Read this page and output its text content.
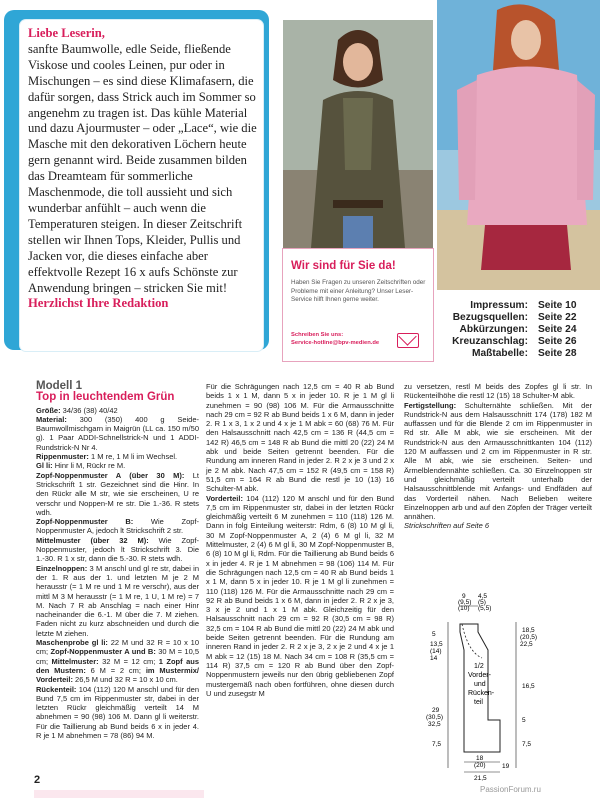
Liebe Leserin,

sanfte Baumwolle, edle Seide, fließende Viskose und cooles Leinen, pur oder in Mischungen – es sind diese Klimafasern, die dafür sorgen, dass Strick auch im Sommer so angenehm zu tragen ist. Das kühle Material und dazu Ajourmuster – oder „Lace“, wie die Masche mit den dekorativen Löchern heute gern genannt wird. Beide zusammen bilden das Dreamteam für sommerliche Maschenmode, die toll aussieht und sich wunderbar anfühlt – auch wenn die Temperaturen steigen. In dieser Zeitschrift stellen wir Ihnen Tops, Kleider, Pullis und Jacken vor, die dieses einfache aber effektvolle Rezept 16 x aufs Schönste zur Anwendung bringen – stricken Sie mit!

Herzlichst Ihre Redaktion

Wir sind für Sie da!
Haben Sie Fragen zu unseren Zeitschriften oder Probleme mit einer Anleitung? Unser Leser-Service hilft Ihnen gerne weiter.
Schreiben Sie uns:
Service-hotline@bpv-medien.de
Impressum: Seite 10
Bezugsquellen: Seite 22
Abkürzungen: Seite 24
Kreuzanschlag: Seite 26
Maßtabelle: Seite 28
Modell 1
Top in leuchtendem Grün

Größe: 34/36 (38) 40/42

Material: 300 (350) 400 g Seide-Baumwollmischgarn in Maigrün (LL ca. 150 m/50 g). 1 Paar ADDI-Schnellstrick-N und 1 ADDI-Rundstrick-N Nr 4.

Rippenmuster: 1 M re, 1 M li im Wechsel.

Gl li: Hinr li M, Rückr re M.

Zopf-Noppenmuster A (über 30 M): Lt Strickschrift 1 str. Gezeichnet sind die Hinr. In den Rückr alle M str, wie sie erscheinen, U re verschr und Noppen-M re str. Die 1.-36. R stets wdh.

Zopf-Noppenmuster B: Wie Zopf-Noppenmuster A, jedoch lt Strickschrift 2 str.

Mittelmuster (über 32 M): Wie Zopf-Noppenmuster, jedoch lt Strickschrift 3. Die 1.-30. R 1 x str, dann die 5.-30. R stets wdh.

Einzelnoppen: 3 M anschl und gl re str, dabei in der 1. R aus der 1. und letzten M je 2 M herausstr (= 1 M re und 1 M re verschr), aus der mittl M 3 M herausstr (= 1 M re, 1 U, 1 M re) = 7 M. Nach 7 R ab Anschlag = nach einer Hinr nacheinander die 6.-1. M über die 7. M ziehen. Faden nicht zu kurz abschneiden und durch die letzte M ziehen.

Maschenprobe gl li: 22 M und 32 R = 10 x 10 cm; Zopf-Noppenmuster A und B: 30 M = 10,5 cm; Mittelmuster: 32 M = 12 cm; 1 Zopf aus den Mustern: 6 M = 2 cm; im Mustermix/ Vorderteil: 26,5 M und 32 R = 10 x 10 cm.

Rückenteil: 104 (112) 120 M anschl und für den Bund 7,5 cm im Rippenmuster str, dabei in der letzten Rückr gleichmäßig verteilt 14 M abnehmen = 90 (98) 106 M. Dann gl li weiterstr. Für die Taillierung ab Bund beids 6 x in jeder 4. R je 1 M abnehmen = 78 (86) 94 M.

Für die Schrägungen nach 12,5 cm = 40 R ab Bund beids 1 x 1 M, dann 5 x in jeder 10. R je 1 M gl li zunehmen = 90 (98) 106 M. Für die Armausschnitte nach 29 cm = 92 R ab Bund beids 1 x 6 M, dann in jeder 2. R 1 x 3, 1 x 2 und 4 x je 1 M abk = 60 (68) 76 M. Für den Halsausschnitt nach 42,5 cm = 136 R (44,5 cm = 142 R) 46,5 cm = 148 R ab Bund die mittl 20 (22) 24 M abk und beide Seiten getrennt beenden. Für die Rundung am inneren Rand in jeder 2. R 2 x je 3 und 2 x je 2 M abk. Nach 47,5 cm = 152 R (49,5 cm = 158 R) 51,5 cm = 164 R ab Bund die restl je 10 (13) 16 Schulter-M abk.

Vorderteil: 104 (112) 120 M anschl und für den Bund 7,5 cm im Rippenmuster str, dabei in der letzten Rückr gleichmäßig verteilt 6 M zunehmen = 110 (118) 126 M. Dann in folg Einteilung weiterstr: Rdm, 6 (8) 10 M gl li, 30 M Zopf-Noppenmuster A, 2 (4) 6 M gl li, 32 M Mittelmuster, 2 (4) 6 M gl li, 30 M Zopf-Noppenmuster B, 6 (8) 10 M gl li, Rdm. Für die Taillierung ab Bund beids 6 x in jeder 4. R je 1 M abnehmen = 98 (106) 114 M. Für die Schrägungen nach 12,5 cm = 40 R ab Bund beids 1 x 1 M, dann 5 x in jeder 10. R je 1 M gl li zunehmen = 110 (118) 126 M. Für die Armausschnitte nach 29 cm = 92 R ab Bund beids 1 x 6 M, dann in jeder 2. R 2 x je 3, 3 x je 2 und 1 x 1 M abk. Gleichzeitig für den Halsausschnitt nach 29 cm = 92 R (30,5 cm = 98 R) 32,5 cm = 104 R ab Bund die mittl 20 (22) 24 M abk und beide Seiten getrennt beenden. Für die Rundung am inneren Rand in jeder 2. R 2 x je 3, 2 x je 2 und 4 x je 1 M abk = 12 (15) 18 M. Nach 34 cm = 108 R (35,5 cm = 114 R) 37,5 cm = 120 R ab Bund über den Zopf-Noppenmustern jeweils nur den übrig gebliebenen Zopf mustergemäß nach oben fortführen, ohne diesen durch U und zusegstr M

zu versetzen, restl M beids des Zopfes gl li str. In Rückenteilhöhe die restl 12 (15) 18 Schulter-M abk.

Fertigstellung: Schulternähte schließen. Mit der Rundstrick-N aus dem Halsausschnitt 174 (178) 182 M auffassen und für die Blende 2 cm im Rippenmuster in Rd str. Alle M abk, wie sie erscheinen. Mit der Rundstrick-N aus den Armausschnittkanten 104 (112) 120 M auffassen und 2 cm im Rippenmuster in R str. Alle M abk, wie sie erscheinen. Seiten- und Ärmelblendennähte schließen. Ca. 30 Einzelnoppen str und gleichmäßig verteilt unterhalb der Halsausschnittblende mit Anfangs- und Endfäden auf das Vorderteil nähen. Nach Belieben weitere Einzelnoppen arb und auf den Zöpfen der Träger verteilt annähen.

Strickschriften auf Seite 6

9
(9,5)
(10)
4,5
(5)
(5,5)
5
13,5
(14)
14
29
(30,5)
32,5
7,5
18,5
(20,5)
22,5
16,5
5
7,5
1/2
Vorder-
und
Rücken-
teil
18
(20)
21,5
19
2
PassionForum.ru
